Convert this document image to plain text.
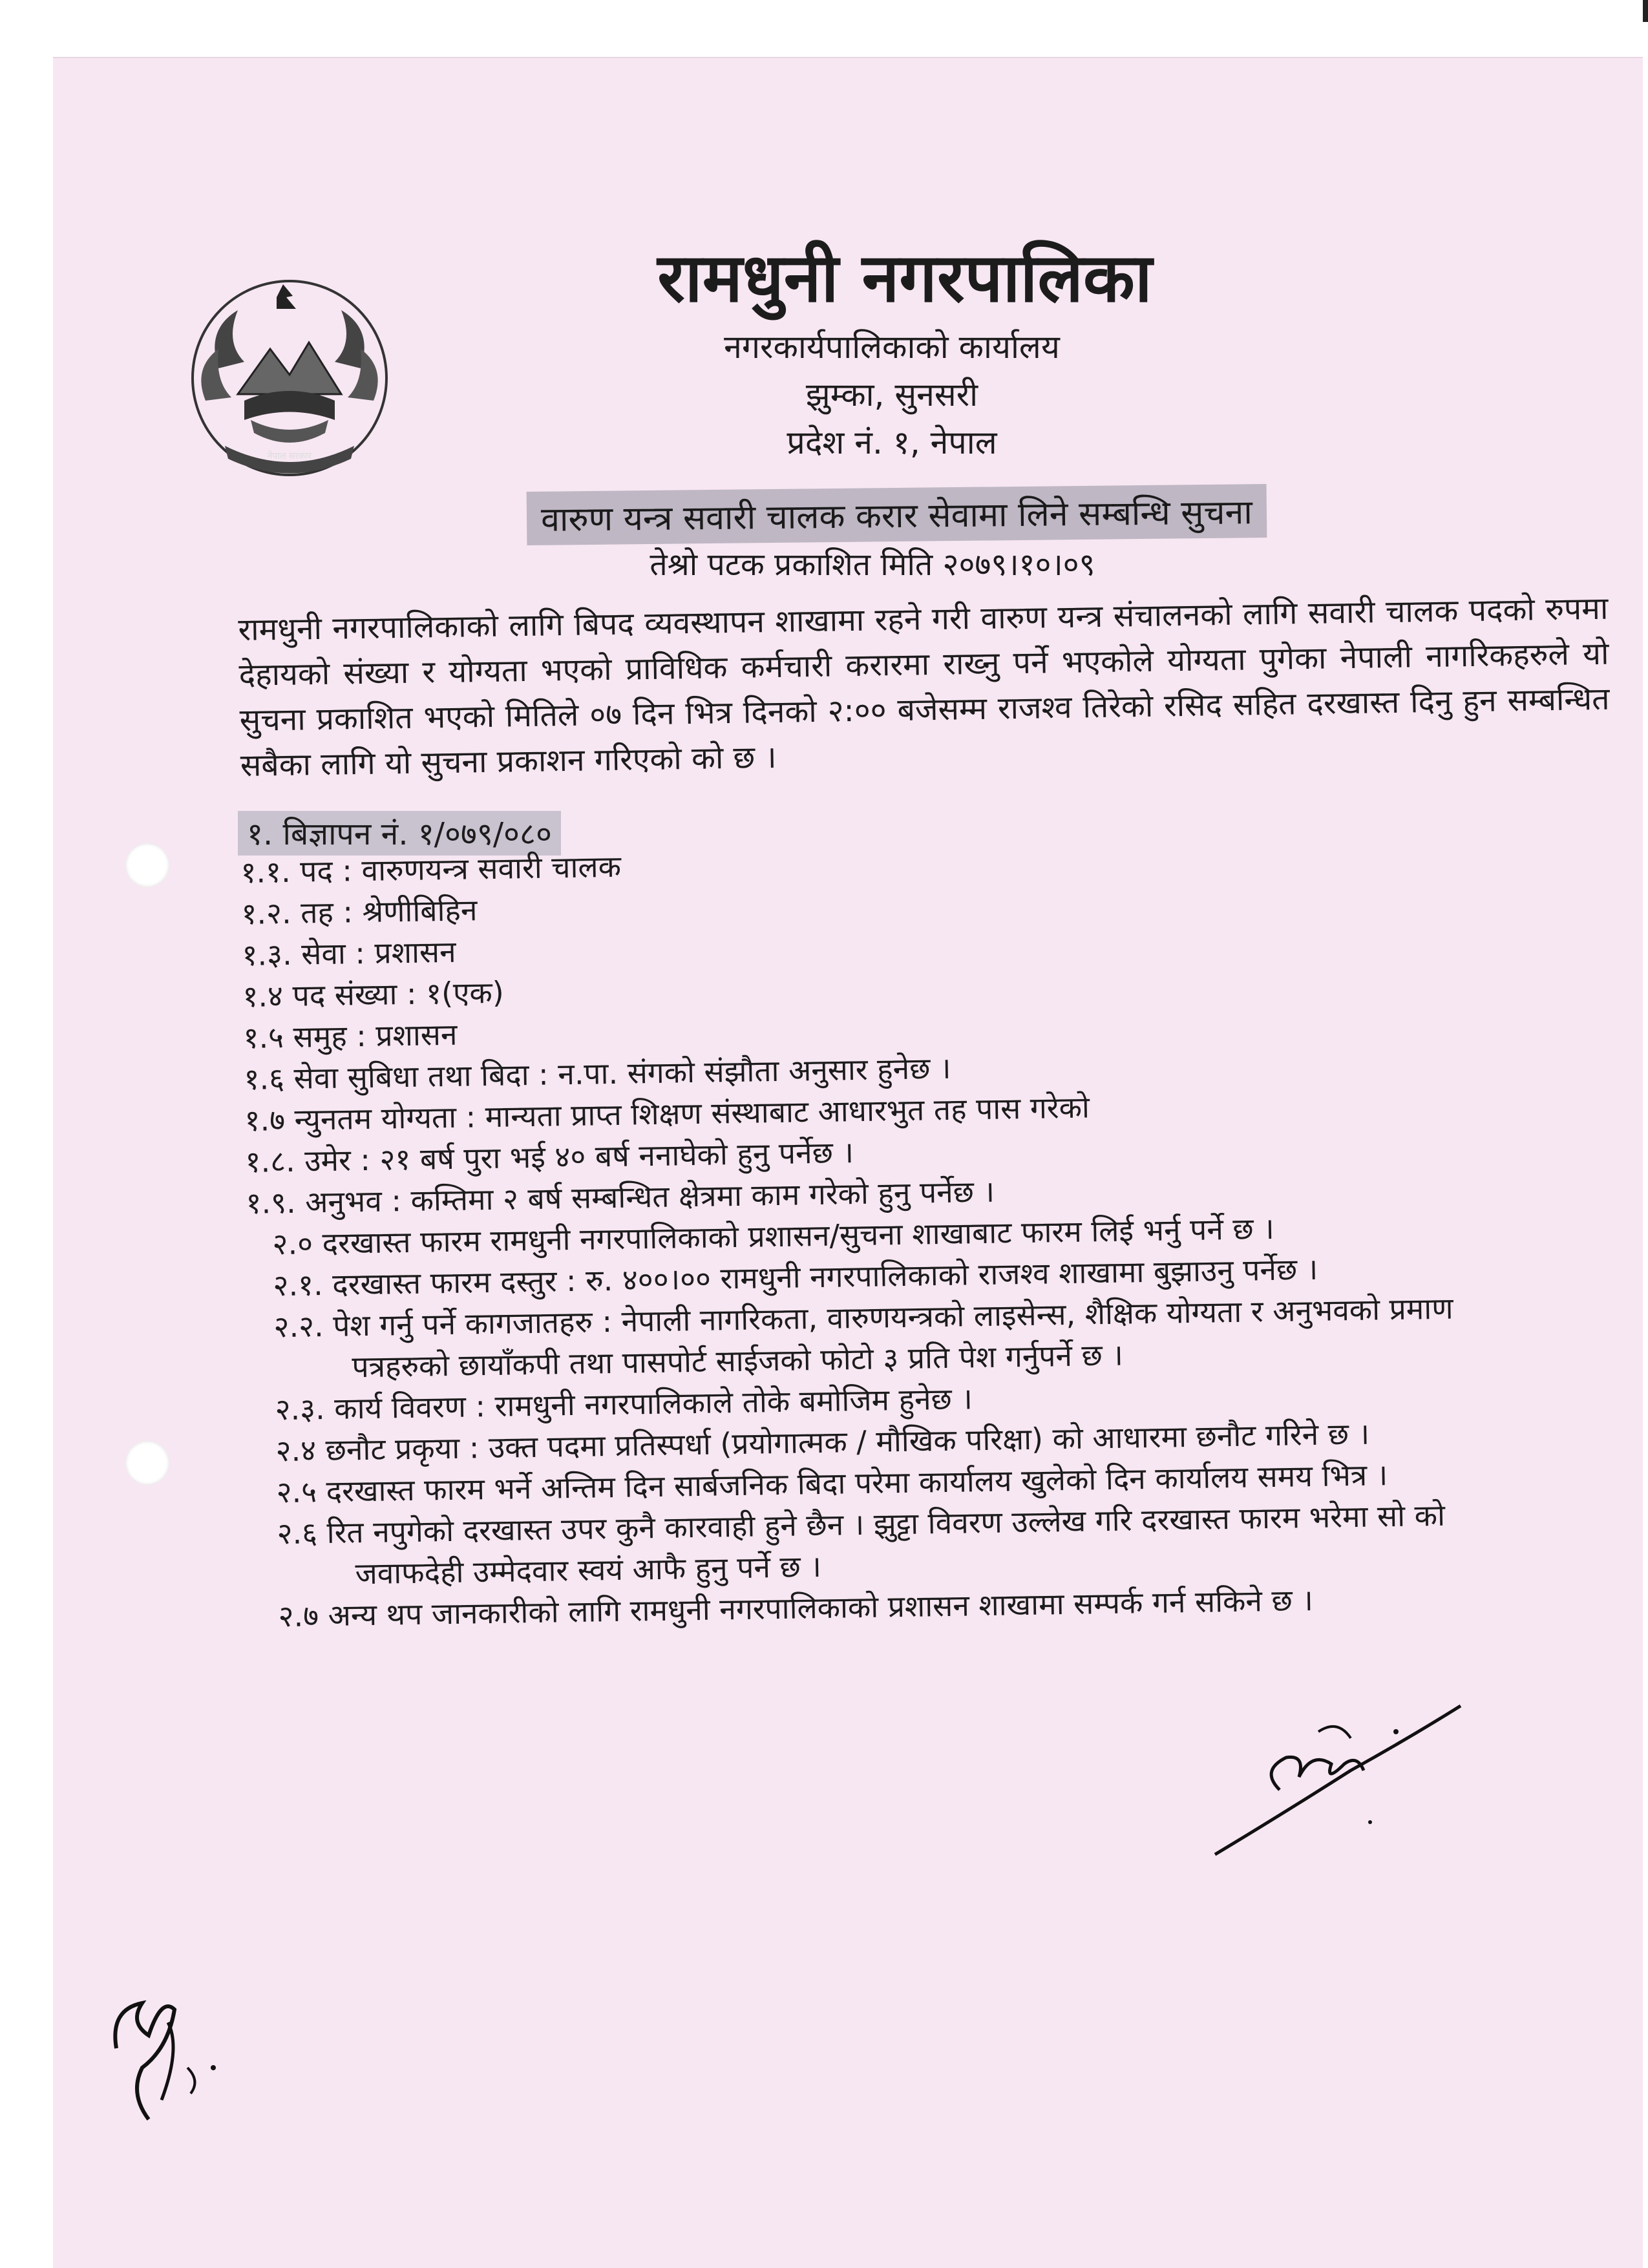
नेपाल सरकार
रामधुनी नगरपालिका
नगरकार्यपालिकाको कार्यालय
झुम्का, सुनसरी
प्रदेश नं. १, नेपाल
वारुण यन्त्र सवारी चालक करार सेवामा लिने सम्बन्धि सुचना
तेश्रो पटक प्रकाशित मिति २०७९।१०।०९

रामधुनी नगरपालिकाको लागि बिपद व्यवस्थापन शाखामा रहने गरी वारुण यन्त्र संचालनको लागि सवारी चालक पदको रुपमा देहायको संख्या र योग्यता भएको प्राविधिक कर्मचारी करारमा राख्नु पर्ने भएकोले योग्यता पुगेका नेपाली नागरिकहरुले यो सुचना प्रकाशित भएको मितिले ०७ दिन भित्र दिनको २:०० बजेसम्म राजश्व तिरेको रसिद सहित दरखास्त दिनु हुन सम्बन्धित सबैका लागि यो सुचना प्रकाशन गरिएको को छ ।

१. बिज्ञापन नं. १/०७९/०८०
१.१. पद : वारुणयन्त्र सवारी चालक
१.२. तह : श्रेणीबिहिन
१.३. सेवा : प्रशासन
१.४ पद संख्या : १(एक)
१.५ समुह : प्रशासन
१.६ सेवा सुबिधा तथा बिदा : न.पा. संगको संझौता अनुसार हुनेछ ।
१.७ न्युनतम योग्यता : मान्यता प्राप्त शिक्षण संस्थाबाट आधारभुत तह पास गरेको
१.८. उमेर : २१ बर्ष पुरा भई ४० बर्ष ननाघेको हुनु पर्नेछ ।
१.९. अनुभव : कम्तिमा २ बर्ष सम्बन्धित क्षेत्रमा काम गरेको हुनु पर्नेछ ।
२.० दरखास्त फारम रामधुनी नगरपालिकाको प्रशासन/सुचना शाखाबाट फारम लिई भर्नु पर्ने छ ।
२.१. दरखास्त फारम दस्तुर : रु. ४००।०० रामधुनी नगरपालिकाको राजश्व शाखामा बुझाउनु पर्नेछ ।
२.२. पेश गर्नु पर्ने कागजातहरु : नेपाली नागरिकता, वारुणयन्त्रको लाइसेन्स, शैक्षिक योग्यता र अनुभवको प्रमाण
पत्रहरुको छायाँकपी तथा पासपोर्ट साईजको फोटो ३ प्रति पेश गर्नुपर्ने छ ।
२.३. कार्य विवरण : रामधुनी नगरपालिकाले तोके बमोजिम हुनेछ ।
२.४ छनौट प्रकृया : उक्त पदमा प्रतिस्पर्धा (प्रयोगात्मक / मौखिक परिक्षा) को आधारमा छनौट गरिने छ ।
२.५ दरखास्त फारम भर्ने अन्तिम दिन सार्बजनिक बिदा परेमा कार्यालय खुलेको दिन कार्यालय समय भित्र ।
२.६ रित नपुगेको दरखास्त उपर कुनै कारवाही हुने छैन । झुट्टा विवरण उल्लेख गरि दरखास्त फारम भरेमा सो को
जवाफदेही उम्मेदवार स्वयं आफै हुनु पर्ने छ ।
२.७ अन्य थप जानकारीको लागि रामधुनी नगरपालिकाको प्रशासन शाखामा सम्पर्क गर्न सकिने छ ।
